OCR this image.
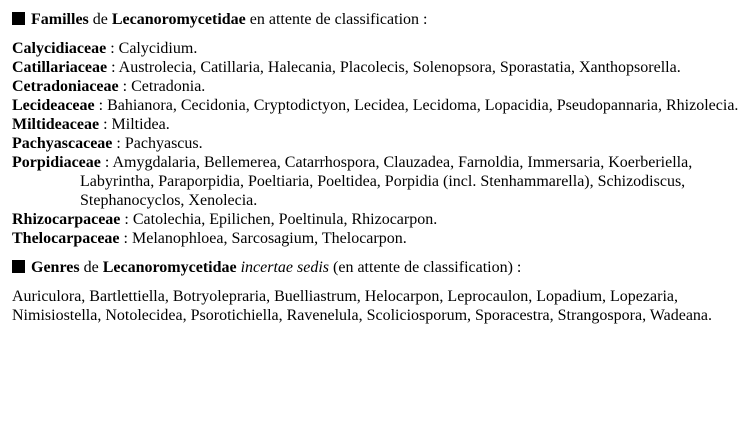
Familles de Lecanoromycetidae en attente de classification :
Calycidiaceae : Calycidium.
Catillariaceae : Austrolecia, Catillaria, Halecania, Placolecis, Solenopsora, Sporastatia, Xanthopsorella.
Cetradoniaceae : Cetradonia.
Lecideaceae : Bahianora, Cecidonia, Cryptodictyon, Lecidea, Lecidoma, Lopacidia, Pseudopannaria, Rhizolecia.
Miltideaceae : Miltidea.
Pachyascaceae : Pachyascus.
Porpidiaceae : Amygdalaria, Bellemerea, Catarrhospora, Clauzadea, Farnoldia, Immersaria, Koerberiella, Labyrintha, Paraporpidia, Poeltiaria, Poeltidea, Porpidia (incl. Stenhammarella), Schizodiscus, Stephanocyclos, Xenolecia.
Rhizocarpaceae : Catolechia, Epilichen, Poeltinula, Rhizocarpon.
Thelocarpaceae : Melanophloea, Sarcosagium, Thelocarpon.
Genres de Lecanoromycetidae incertae sedis (en attente de classification) :
Auriculora, Bartlettiella, Botryolepraria, Buelliastrum, Helocarpon, Leprocaulon, Lopadium, Lopezaria, Nimisiostella, Notolecidea, Psorotichiella, Ravenelula, Scoliciosporum, Sporacestra, Strangospora, Wadeana.
